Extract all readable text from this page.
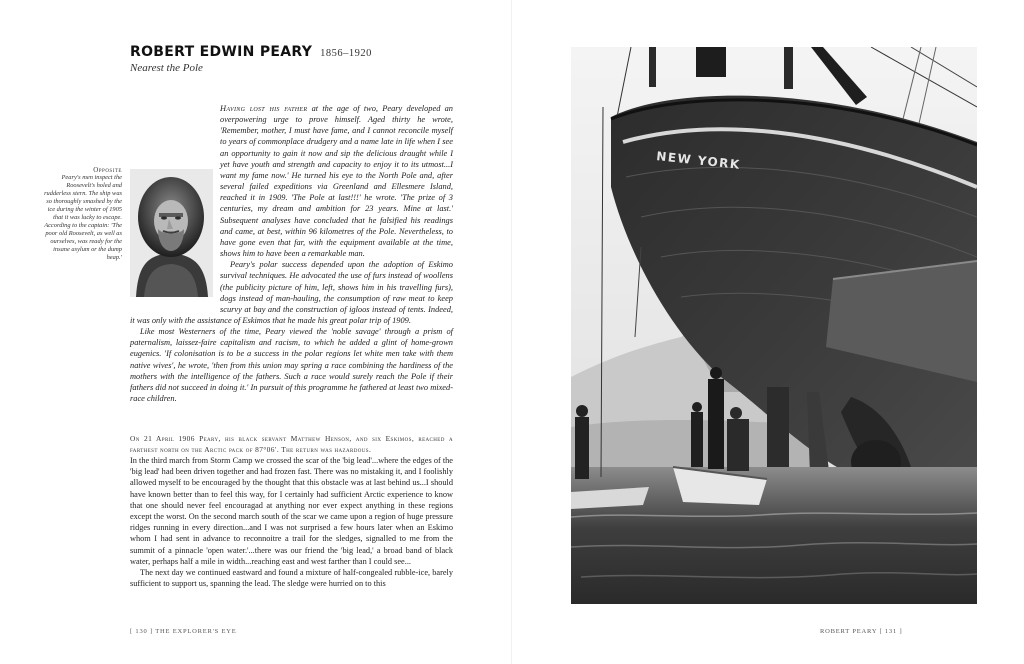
ROBERT EDWIN PEARY 1856–1920
Nearest the Pole
Opposite
Peary's men inspect the Roosevelt's holed and rudderless stern. The ship was so thoroughly smashed by the ice during the winter of 1905 that it was lucky to escape. According to the captain: 'The poor old Roosevelt, as well as ourselves, was ready for the insane asylum or the dump heap.'

Having lost his father at the age of two, Peary developed an overpowering urge to prove himself. Aged thirty he wrote, 'Remember, mother, I must have fame, and I cannot reconcile myself to years of commonplace drudgery and a name late in life when I see an opportunity to gain it now and sip the delicious draught while I yet have youth and strength and capacity to enjoy it to its utmost...I want my fame now.' He turned his eye to the North Pole and, after several failed expeditions via Greenland and Ellesmere Island, reached it in 1909. 'The Pole at last!!!' he wrote. 'The prize of 3 centuries, my dream and ambition for 23 years. Mine at last.' Subsequent analyses have concluded that he falsified his readings and came, at best, within 96 kilometres of the Pole. Nevertheless, to have gone even that far, with the equipment available at the time, shows him to have been a remarkable man.

Peary's polar success depended upon the adoption of Eskimo survival techniques. He advocated the use of furs instead of woollens (the publicity picture of him, left, shows him in his travelling furs), dogs instead of man-hauling, the consumption of raw meat to keep scurvy at bay and the construction of igloos instead of tents. Indeed, it was only with the assistance of Eskimos that he made his great polar trip of 1909.

Like most Westerners of the time, Peary viewed the 'noble savage' through a prism of paternalism, laissez-faire capitalism and racism, to which he added a glint of home-grown eugenics. 'If colonisation is to be a success in the polar regions let white men take with them native wives', he wrote, 'then from this union may spring a race combining the hardiness of the mothers with the intelligence of the fathers. Such a race would surely reach the Pole if their fathers did not succeed in doing it.' In pursuit of this programme he fathered at least two mixed-race children.

On 21 April 1906 Peary, his black servant Matthew Henson, and six Eskimos, reached a farthest north on the Arctic pack of 87°06′. The return was hazardous.

In the third march from Storm Camp we crossed the scar of the 'big lead'...where the edges of the 'big lead' had been driven together and had frozen fast. There was no mistaking it, and I foolishly allowed myself to be encouraged by the thought that this obstacle was at last behind us...I should have known better than to feel this way, for I certainly had sufficient Arctic experience to know that one should never feel encouragad at anything nor ever expect anything in these regions except the worst. On the second march south of the scar we came upon a region of huge pressure ridges running in every direction...and I was not surprised a few hours later when an Eskimo whom I had sent in advance to reconnoitre a trail for the sledges, signalled to me from the summit of a pinnacle 'open water.'...there was our friend the 'big lead,' a broad band of black water, perhaps half a mile in width...reaching east and west farther than I could see...

The next day we continued eastward and found a mixture of half-congealed rubble-ice, barely sufficient to support us, spanning the lead. The sledge were hurried on to this

[ 130 ] THE EXPLORER'S EYE
NEW YORK
ROBERT PEARY [ 131 ]
